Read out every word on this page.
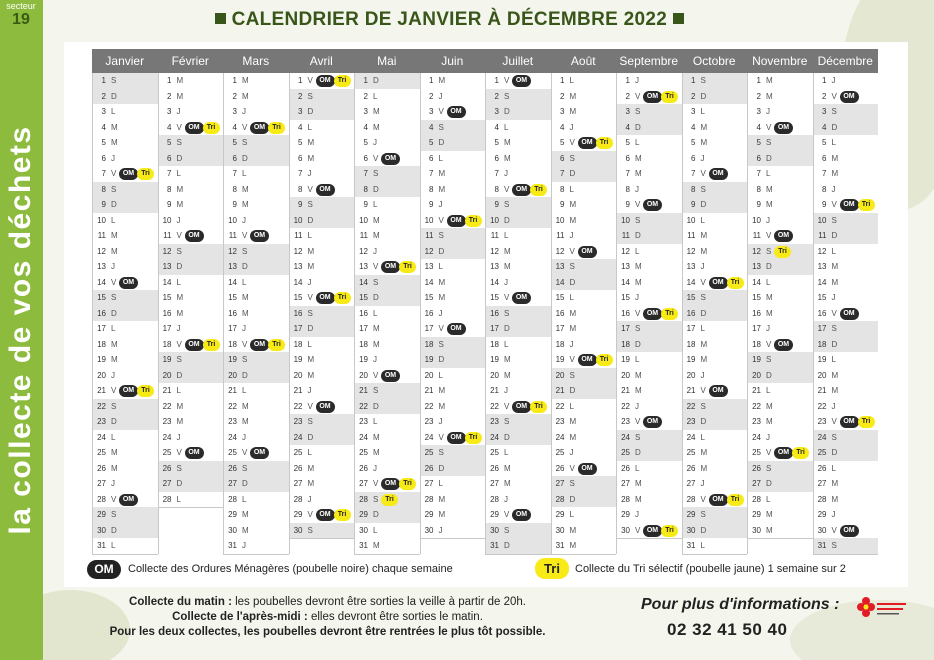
secteur
19
la collecte de vos déchets
CALENDRIER DE JANVIER À DÉCEMBRE 2022
Janvier
1 S
2 D
3 L
4 M
5 M
6 J
7 V OM	Tri
8 S
9 D
10 L
11 M
12 M
13 J
14 V OM
15 S
16 D
17 L
18 M
19 M
20 J
21 V OM	Tri
22 S
23 D
24 L
25 M
26 M
27 J
28 V OM
29 S
30 D
31 L
Février
1 M
2 M
3 J
4 V OM	Tri
5 S
6 D
7 L
8 M
9 M
10 J
11 V OM
12 S
13 D
14 L
15 M
16 M
17 J
18 V OM	Tri
19 S
20 D
21 L
22 M
23 M
24 J
25 V OM
26 S
27 D
28 L
Mars
1 M
2 M
3 J
4 V OM	Tri
5 S
6 D
7 L
8 M
9 M
10 J
11 V OM
12 S
13 D
14 L
15 M
16 M
17 J
18 V OM	Tri
19 S
20 D
21 L
22 M
23 M
24 J
25 V OM
26 S
27 D
28 L
29 M
30 M
31 J
Avril
1 V OM	Tri
2 S
3 D
4 L
5 M
6 M
7 J
8 V OM
9 S
10 D
11 L
12 M
13 M
14 J
15 V OM	Tri
16 S
17 D
18 L
19 M
20 M
21 J
22 V OM
23 S
24 D
25 L
26 M
27 M
28 J
29 V OM	Tri
30 S
Mai
1 D
2 L
3 M
4 M
5 J
6 V OM
7 S
8 D
9 L
10 M
11 M
12 J
13 V OM	Tri
14 S
15 D
16 L
17 M
18 M
19 J
20 V OM
21 S
22 D
23 L
24 M
25 M
26 J
27 V OM	Tri
28 S Tri
29 D
30 L
31 M
Juin
1 M
2 J
3 V OM
4 S
5 D
6 L
7 M
8 M
9 J
10 V OM	Tri
11 S
12 D
13 L
14 M
15 M
16 J
17 V OM
18 S
19 D
20 L
21 M
22 M
23 J
24 V OM	Tri
25 S
26 D
27 L
28 M
29 M
30 J
Juillet
1 V OM
2 S
3 D
4 L
5 M
6 M
7 J
8 V OM	Tri
9 S
10 D
11 L
12 M
13 M
14 J
15 V OM
16 S
17 D
18 L
19 M
20 M
21 J
22 V OM	Tri
23 S
24 D
25 L
26 M
27 M
28 J
29 V OM
30 S
31 D
Août
1 L
2 M
3 M
4 J
5 V OM	Tri
6 S
7 D
8 L
9 M
10 M
11 J
12 V OM
13 S
14 D
15 L
16 M
17 M
18 J
19 V OM	Tri
20 S
21 D
22 L
23 M
24 M
25 J
26 V OM
27 S
28 D
29 L
30 M
31 M
Septembre
1 J
2 V OM	Tri
3 S
4 D
5 L
6 M
7 M
8 J
9 V OM
10 S
11 D
12 L
13 M
14 M
15 J
16 V OM	Tri
17 S
18 D
19 L
20 M
21 M
22 J
23 V OM
24 S
25 D
26 L
27 M
28 M
29 J
30 V OM	Tri
Octobre
1 S
2 D
3 L
4 M
5 M
6 J
7 V OM
8 S
9 D
10 L
11 M
12 M
13 J
14 V OM	Tri
15 S
16 D
17 L
18 M
19 M
20 J
21 V OM
22 S
23 D
24 L
25 M
26 M
27 J
28 V OM	Tri
29 S
30 D
31 L
Novembre
1 M
2 M
3 J
4 V OM
5 S
6 D
7 L
8 M
9 M
10 J
11 V OM
12 S Tri
13 D
14 L
15 M
16 M
17 J
18 V OM
19 S
20 D
21 L
22 M
23 M
24 J
25 V OM	Tri
26 S
27 D
28 L
29 M
30 M
Décembre
1 J
2 V OM
3 S
4 D
5 L
6 M
7 M
8 J
9 V OM	Tri
10 S
11 D
12 L
13 M
14 M
15 J
16 V OM
17 S
18 D
19 L
20 M
21 M
22 J
23 V OM	Tri
24 S
25 D
26 L
27 M
28 M
29 J
30 V OM
31 S
OM	Collecte des Ordures Ménagères (poubelle noire) chaque semaine	Tri	Collecte du Tri sélectif (poubelle jaune) 1 semaine sur 2
Collecte du matin : les poubelles devront être sorties la veille à partir de 20h.
Collecte de l'après-midi : elles devront être sorties le matin.
Pour les deux collectes, les poubelles devront être rentrées le plus tôt possible.
Pour plus d'informations :
02 32 41 50 40
